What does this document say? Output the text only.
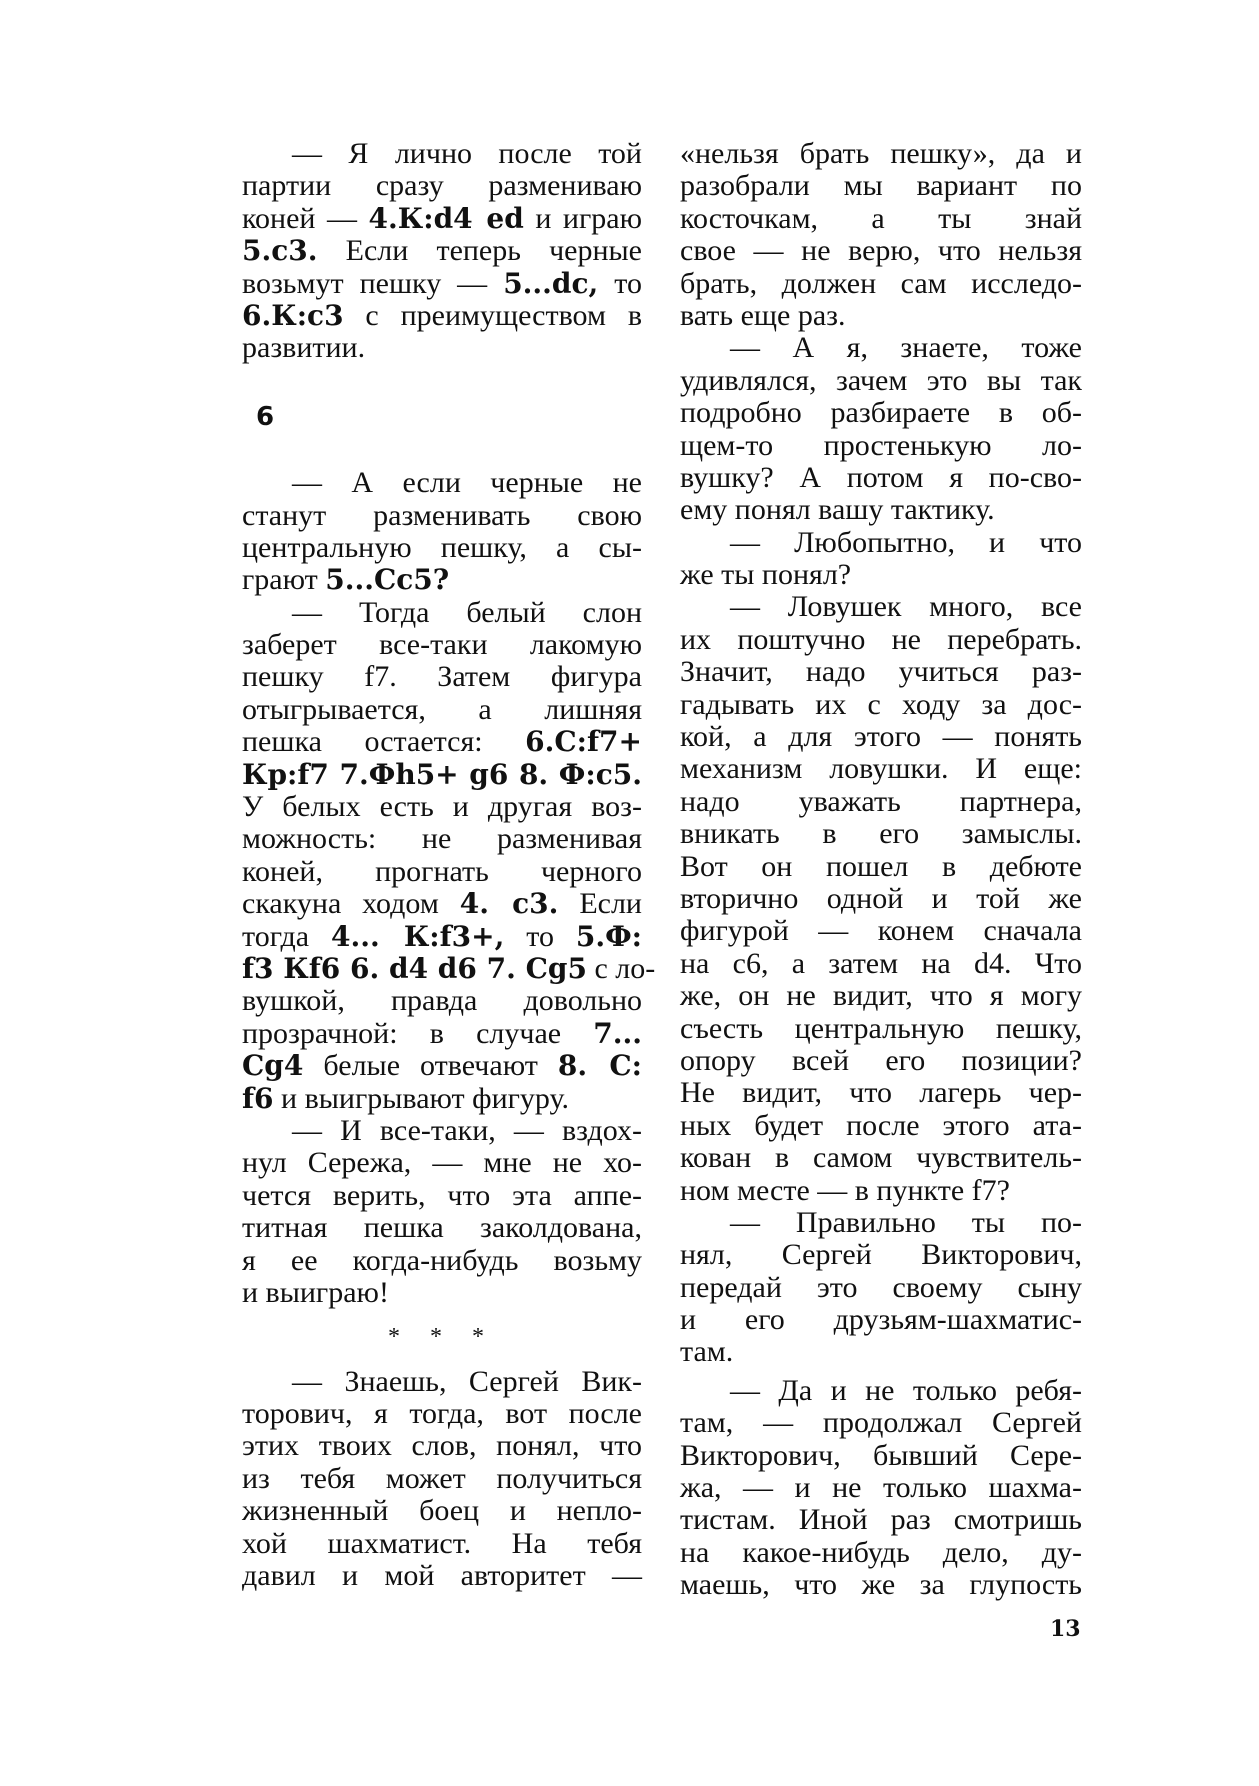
— Я лично после той
партии сразу размениваю
коней — 4.К:d4 ed и играю
5.c3. Если теперь черные
возьмут пешку — 5...dc, то
6.К:c3 с преимуществом в
развитии.
6
— А если черные не
станут разменивать свою
центральную пешку, а сы-
грают 5...Cc5?
— Тогда белый слон
заберет все-таки лакомую
пешку f7. Затем фигура
отыгрывается, а лишняя
пешка остается: 6.С:f7+
Кр:f7 7.Фh5+ g6 8. Ф:c5.
У белых есть и другая воз-
можность: не разменивая
коней, прогнать черного
скакуна ходом 4. c3. Если
тогда 4... К:f3+, то 5.Ф:
f3 Кf6 6. d4 d6 7. Cg5 с ло-
вушкой, правда довольно
прозрачной: в случае 7...
Cg4 белые отвечают 8. С:
f6 и выигрывают фигуру.
— И все-таки, — вздох-
нул Сережа, — мне не хо-
чется верить, что эта аппе-
титная пешка заколдована,
я ее когда-нибудь возьму
и выиграю!
* * *
— Знаешь, Сергей Вик-
торович, я тогда, вот после
этих твоих слов, понял, что
из тебя может получиться
жизненный боец и непло-
хой шахматист. На тебя
давил и мой авторитет —
«нельзя брать пешку», да и
разобрали мы вариант по
косточкам, а ты знай
свое — не верю, что нельзя
брать, должен сам исследо-
вать еще раз.
— А я, знаете, тоже
удивлялся, зачем это вы так
подробно разбираете в об-
щем-то простенькую ло-
вушку? А потом я по-сво-
ему понял вашу тактику.
— Любопытно, и что
же ты понял?
— Ловушек много, все
их поштучно не перебрать.
Значит, надо учиться раз-
гадывать их с ходу за дос-
кой, а для этого — понять
механизм ловушки. И еще:
надо уважать партнера,
вникать в его замыслы.
Вот он пошел в дебюте
вторично одной и той же
фигурой — конем сначала
на c6, а затем на d4. Что
же, он не видит, что я могу
съесть центральную пешку,
опору всей его позиции?
Не видит, что лагерь чер-
ных будет после этого ата-
кован в самом чувствитель-
ном месте — в пункте f7?
— Правильно ты по-
нял, Сергей Викторович,
передай это своему сыну
и его друзьям-шахматис-
там.
— Да и не только ребя-
там, — продолжал Сергей
Викторович, бывший Сере-
жа, — и не только шахма-
тистам. Иной раз смотришь
на какое-нибудь дело, ду-
маешь, что же за глупость
13
